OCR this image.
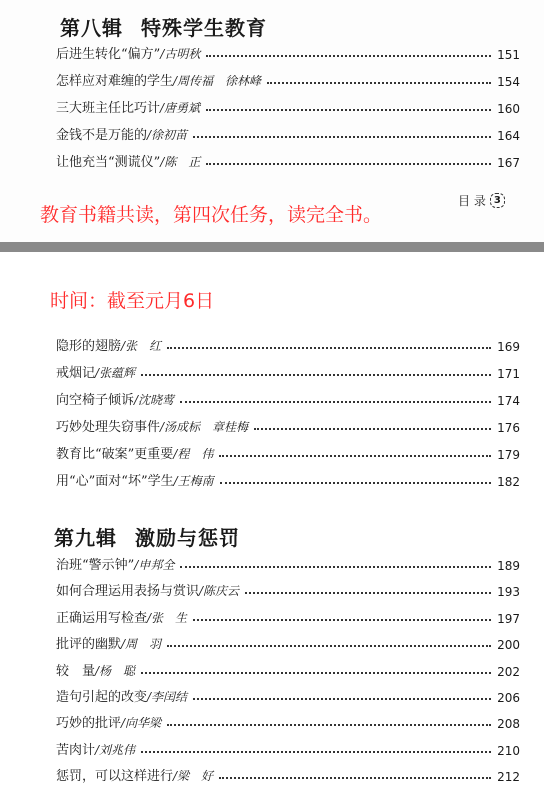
第八辑 特殊学生教育
后进生转化“偏方”/古明秋	151
怎样应对难缠的学生/周传福　徐林峰	154
三大班主任比巧计/唐勇斌	160
金钱不是万能的/徐初苗	164
让他充当“测谎仪”/陈　正	167
教育书籍共读，第四次任务，读完全书。
目 录 3
时间：截至元月6日
隐形的翅膀/张　红	169
戒烟记/张蕴辉	171
向空椅子倾诉/沈晓莺	174
巧妙处理失窃事件/汤成标　章桂梅	176
教育比“破案”更重要/程　伟	179
用“心”面对“坏”学生/王梅南	182
第九辑 激励与惩罚
治班“警示钟”/申邦全	189
如何合理运用表扬与赏识/陈庆云	193
正确运用写检查/张　生	197
批评的幽默/周　羽	200
较　量/杨　聪	202
造句引起的改变/李闰结	206
巧妙的批评/向华梁	208
苦肉计/刘兆伟	210
惩罚，可以这样进行/梁　好	212
